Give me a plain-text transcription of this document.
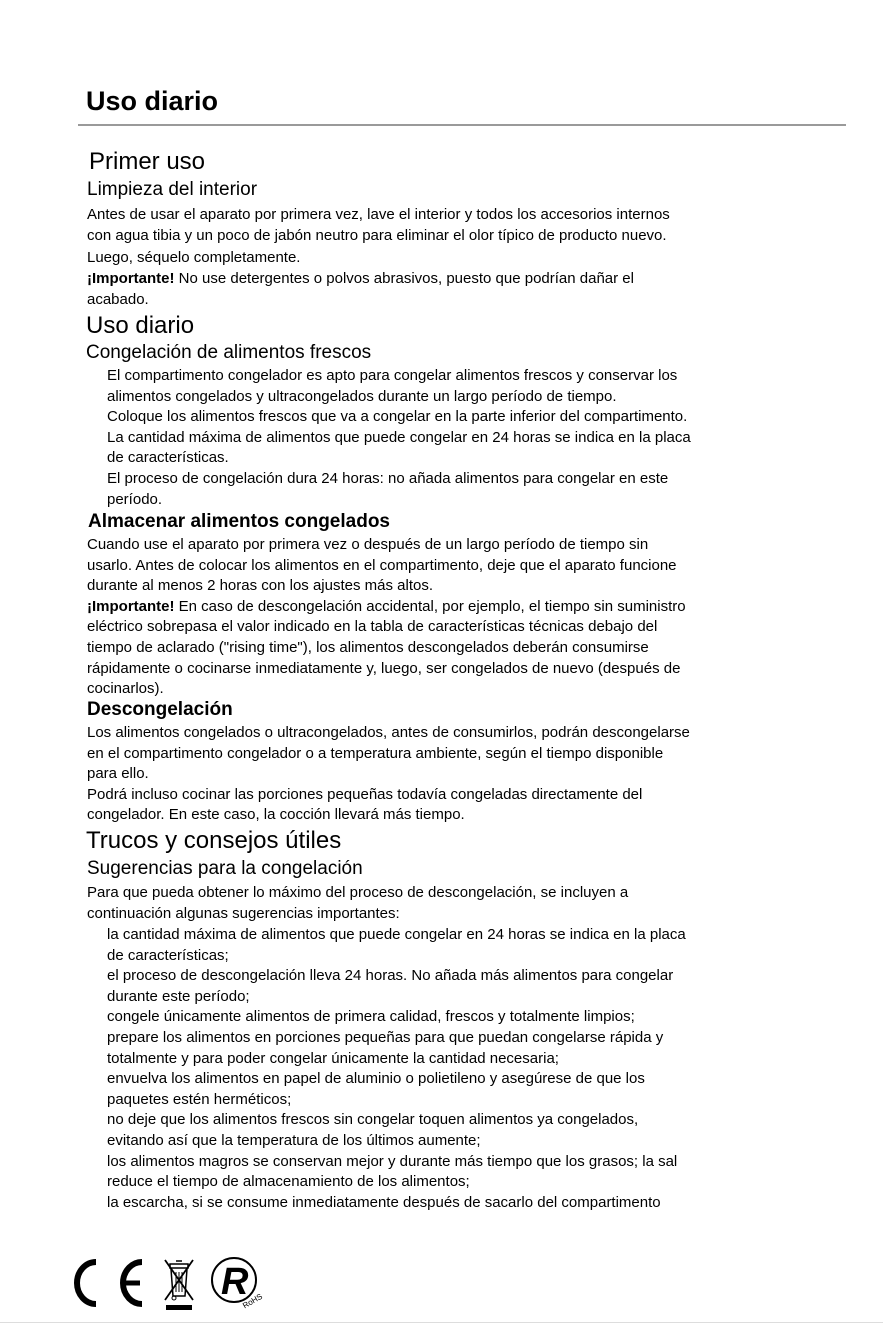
Uso diario
Primer uso
Limpieza del interior
Antes de usar el aparato por primera vez, lave el interior y todos los accesorios internos
con agua tibia y un poco de jabón neutro para eliminar el olor típico de producto nuevo.
Luego, séquelo completamente.
¡Importante! No use detergentes o polvos abrasivos, puesto que podrían dañar el
acabado.
Uso diario
Congelación de alimentos frescos
El compartimento congelador es apto para congelar alimentos frescos y conservar los
alimentos congelados y ultracongelados durante un largo período de tiempo.
Coloque los alimentos frescos que va a congelar en la parte inferior del compartimento.
La cantidad máxima de alimentos que puede congelar en 24 horas se indica en la placa
de características.
El proceso de congelación dura 24 horas: no añada alimentos para congelar en este
período.
Almacenar alimentos congelados
Cuando use el aparato por primera vez o después de un largo período de tiempo sin
usarlo. Antes de colocar los alimentos en el compartimento, deje que el aparato funcione
durante al menos 2 horas con los ajustes más altos.
¡Importante! En caso de descongelación accidental, por ejemplo, el tiempo sin suministro
eléctrico sobrepasa el valor indicado en la tabla de características técnicas debajo del
tiempo de aclarado ("rising time"), los alimentos descongelados deberán consumirse
rápidamente o cocinarse inmediatamente y, luego, ser congelados de nuevo (después de
cocinarlos).
Descongelación
Los alimentos congelados o ultracongelados, antes de consumirlos, podrán descongelarse
en el compartimento congelador o a temperatura ambiente, según el tiempo disponible
para ello.
Podrá incluso cocinar las porciones pequeñas todavía congeladas directamente del
congelador. En este caso, la cocción llevará más tiempo.
Trucos y consejos útiles
Sugerencias para la congelación
Para que pueda obtener lo máximo del proceso de descongelación, se incluyen a
continuación algunas sugerencias importantes:
la cantidad máxima de alimentos que puede congelar en 24 horas se indica en la placa
de características;
el proceso de descongelación lleva 24 horas. No añada más alimentos para congelar
durante este período;
congele únicamente alimentos de primera calidad, frescos y totalmente limpios;
prepare los alimentos en porciones pequeñas para que puedan congelarse rápida y
totalmente y para poder congelar únicamente la cantidad necesaria;
envuelva los alimentos en papel de aluminio o polietileno y asegúrese de que los
paquetes estén herméticos;
no deje que los alimentos frescos sin congelar toquen alimentos ya congelados,
evitando así que la temperatura de los últimos aumente;
los alimentos magros se conservan mejor y durante más tiempo que los grasos; la sal
reduce el tiempo de almacenamiento de los alimentos;
la escarcha, si se consume inmediatamente después de sacarlo del compartimento
R
RoHS
